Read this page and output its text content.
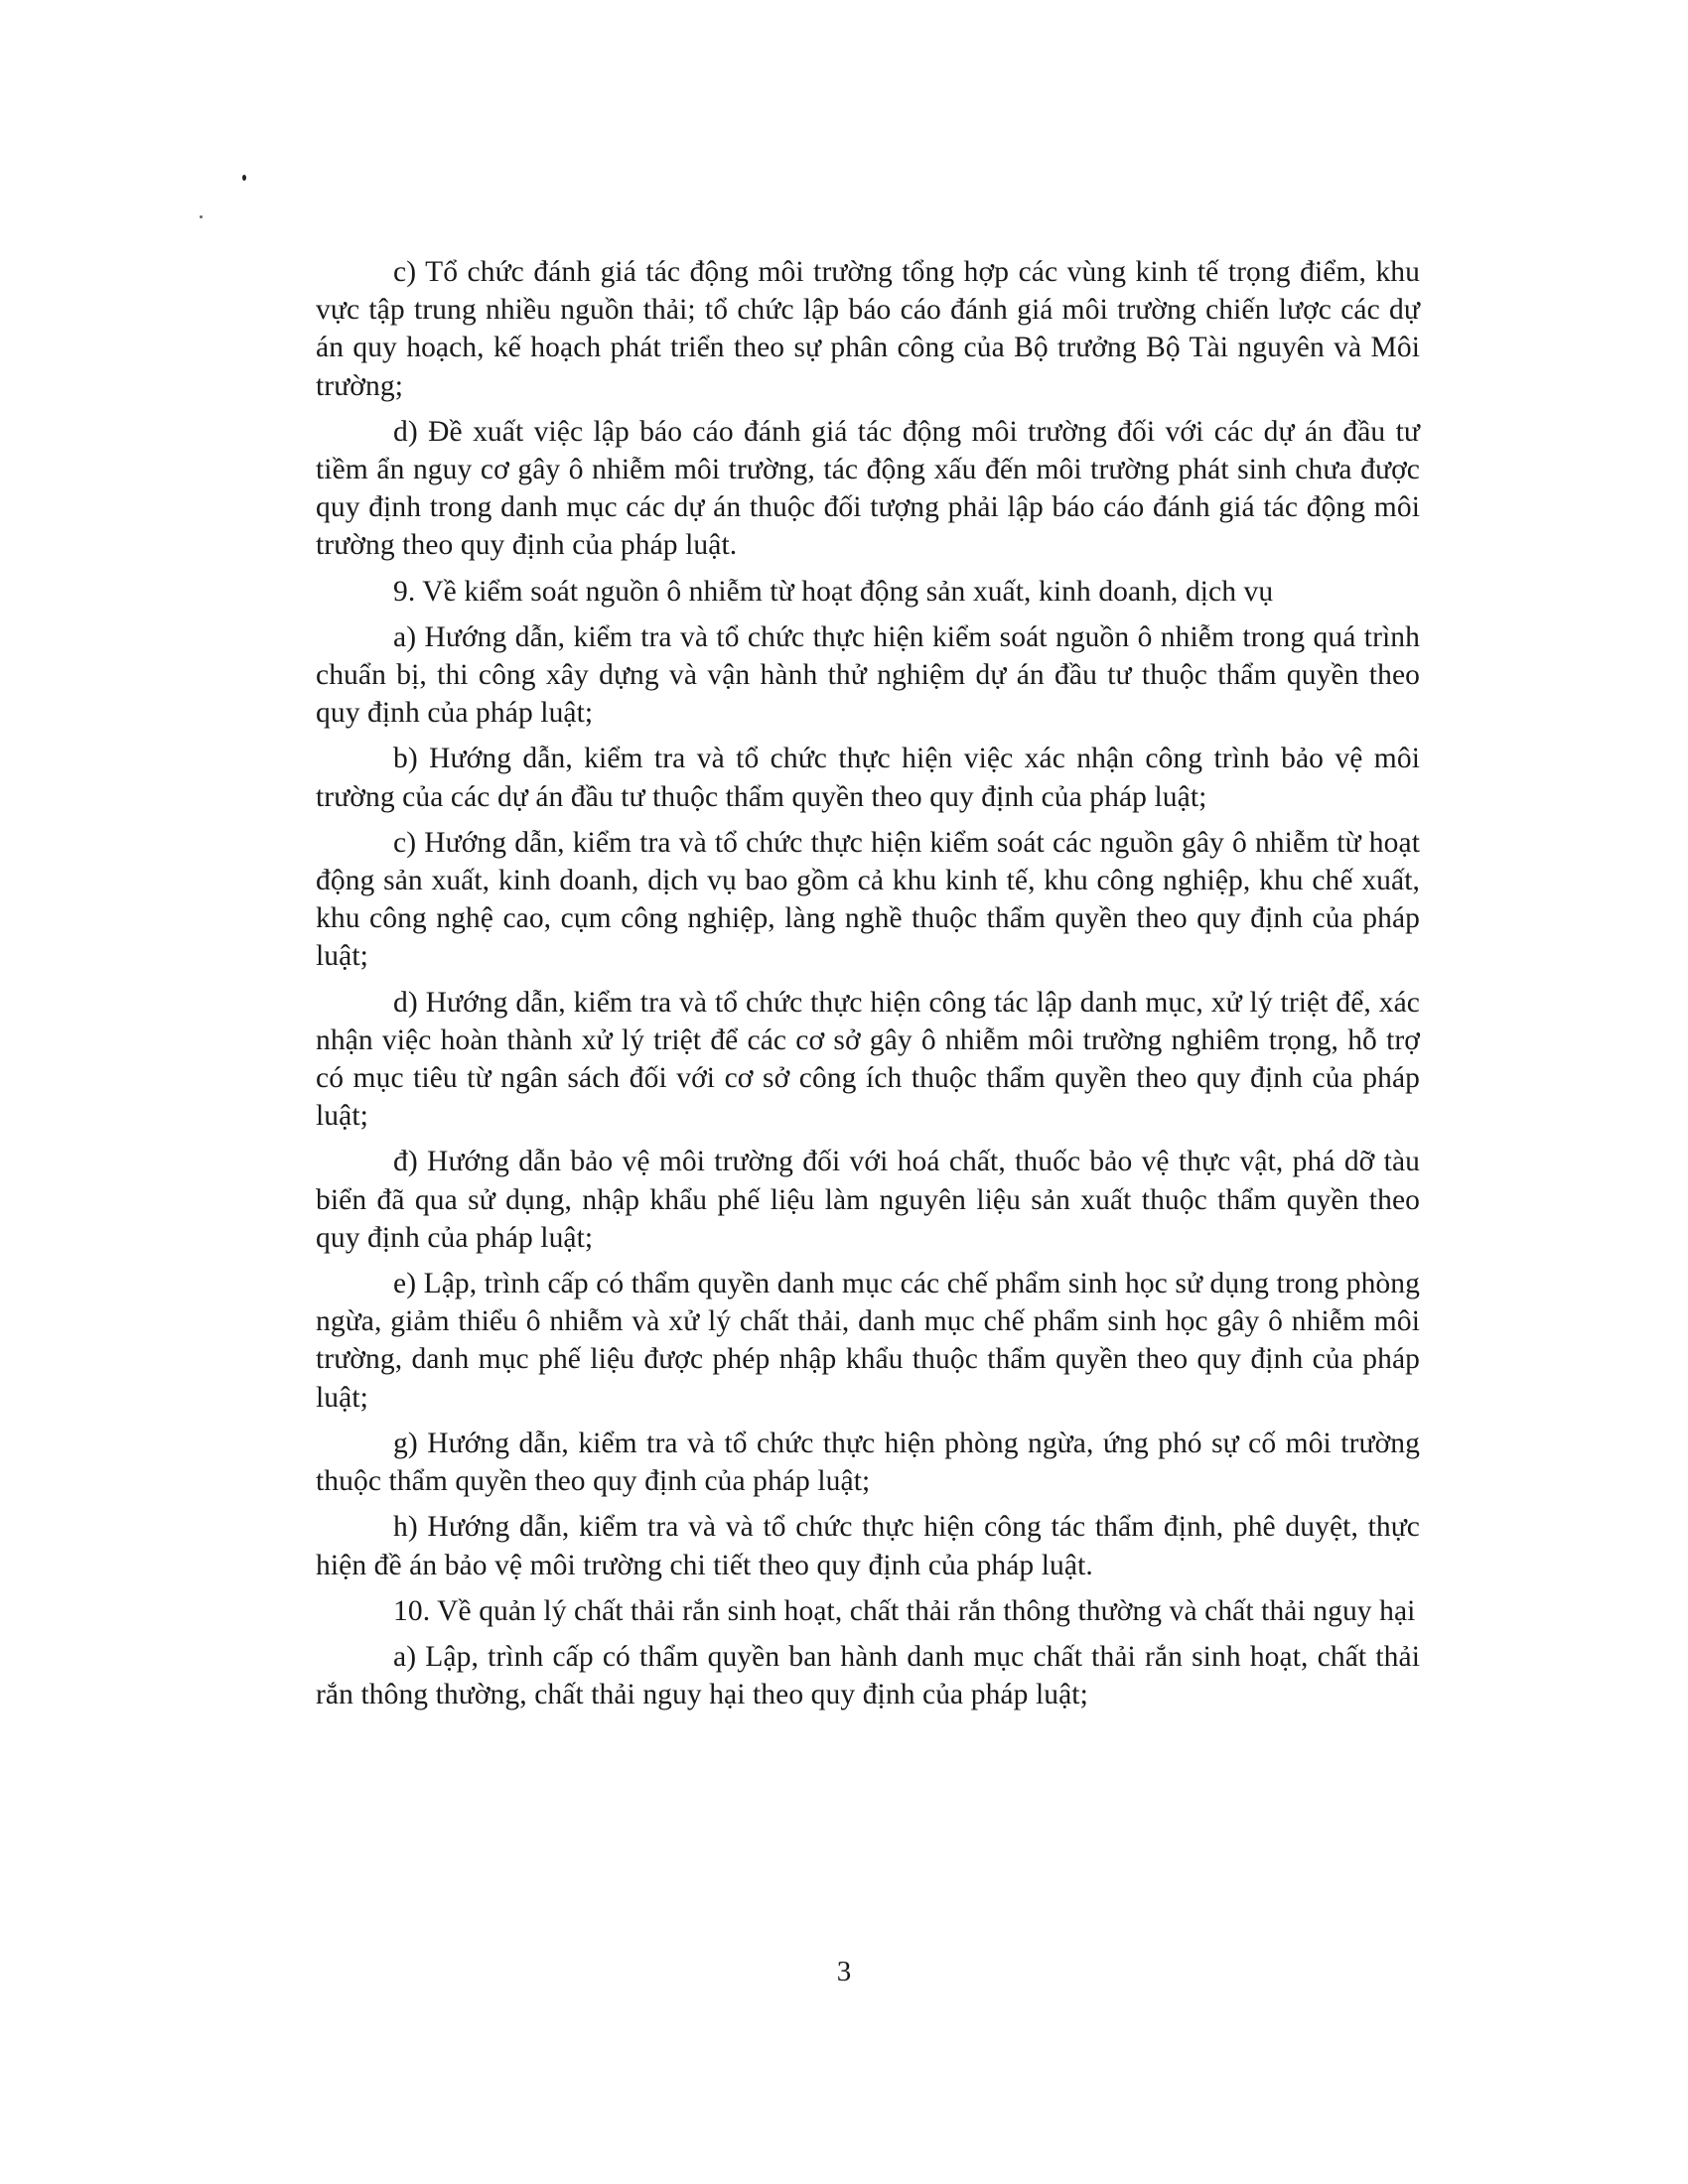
c) Tổ chức đánh giá tác động môi trường tổng hợp các vùng kinh tế trọng điểm, khu vực tập trung nhiều nguồn thải; tổ chức lập báo cáo đánh giá môi trường chiến lược các dự án quy hoạch, kế hoạch phát triển theo sự phân công của Bộ trưởng Bộ Tài nguyên và Môi trường;

d) Đề xuất việc lập báo cáo đánh giá tác động môi trường đối với các dự án đầu tư tiềm ẩn nguy cơ gây ô nhiễm môi trường, tác động xấu đến môi trường phát sinh chưa được quy định trong danh mục các dự án thuộc đối tượng phải lập báo cáo đánh giá tác động môi trường theo quy định của pháp luật.

9. Về kiểm soát nguồn ô nhiễm từ hoạt động sản xuất, kinh doanh, dịch vụ

a) Hướng dẫn, kiểm tra và tổ chức thực hiện kiểm soát nguồn ô nhiễm trong quá trình chuẩn bị, thi công xây dựng và vận hành thử nghiệm dự án đầu tư thuộc thẩm quyền theo quy định của pháp luật;

b) Hướng dẫn, kiểm tra và tổ chức thực hiện việc xác nhận công trình bảo vệ môi trường của các dự án đầu tư thuộc thẩm quyền theo quy định của pháp luật;

c) Hướng dẫn, kiểm tra và tổ chức thực hiện kiểm soát các nguồn gây ô nhiễm từ hoạt động sản xuất, kinh doanh, dịch vụ bao gồm cả khu kinh tế, khu công nghiệp, khu chế xuất, khu công nghệ cao, cụm công nghiệp, làng nghề thuộc thẩm quyền theo quy định của pháp luật;

d) Hướng dẫn, kiểm tra và tổ chức thực hiện công tác lập danh mục, xử lý triệt để, xác nhận việc hoàn thành xử lý triệt để các cơ sở gây ô nhiễm môi trường nghiêm trọng, hỗ trợ có mục tiêu từ ngân sách đối với cơ sở công ích thuộc thẩm quyền theo quy định của pháp luật;

đ) Hướng dẫn bảo vệ môi trường đối với hoá chất, thuốc bảo vệ thực vật, phá dỡ tàu biển đã qua sử dụng, nhập khẩu phế liệu làm nguyên liệu sản xuất thuộc thẩm quyền theo quy định của pháp luật;

e) Lập, trình cấp có thẩm quyền danh mục các chế phẩm sinh học sử dụng trong phòng ngừa, giảm thiểu ô nhiễm và xử lý chất thải, danh mục chế phẩm sinh học gây ô nhiễm môi trường, danh mục phế liệu được phép nhập khẩu thuộc thẩm quyền theo quy định của pháp luật;

g) Hướng dẫn, kiểm tra và tổ chức thực hiện phòng ngừa, ứng phó sự cố môi trường thuộc thẩm quyền theo quy định của pháp luật;

h) Hướng dẫn, kiểm tra và và tổ chức thực hiện công tác thẩm định, phê duyệt, thực hiện đề án bảo vệ môi trường chi tiết theo quy định của pháp luật.

10. Về quản lý chất thải rắn sinh hoạt, chất thải rắn thông thường và chất thải nguy hại

a) Lập, trình cấp có thẩm quyền ban hành danh mục chất thải rắn sinh hoạt, chất thải rắn thông thường, chất thải nguy hại theo quy định của pháp luật;

3
